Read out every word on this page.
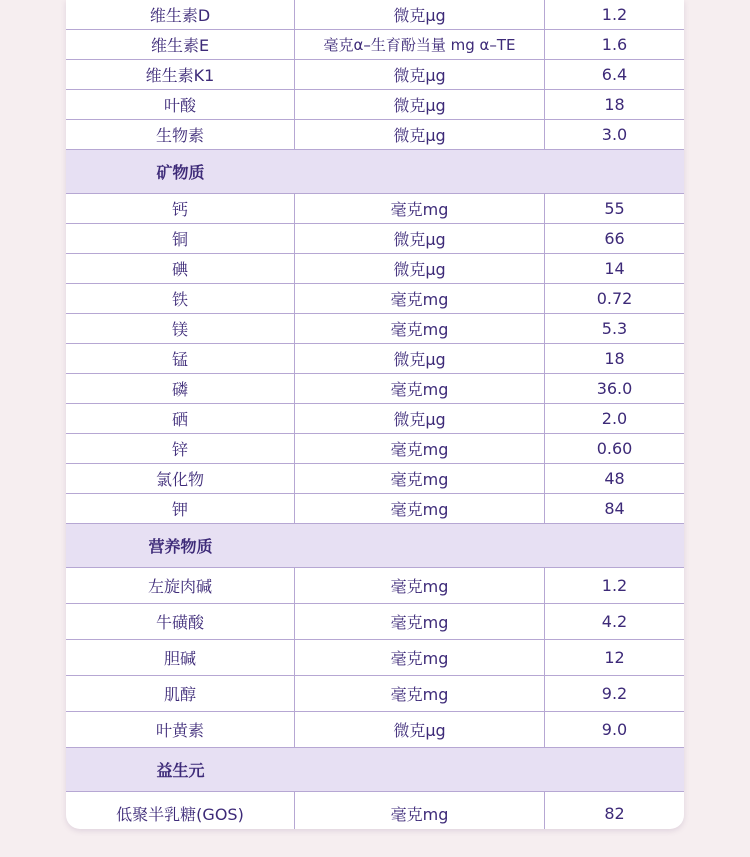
维生素D	微克μg	1.2
维生素E	毫克α–生育酚当量 mg α–TE	1.6
维生素K1	微克μg	6.4
叶酸	微克μg	18
生物素	微克μg	3.0
矿物质
钙	毫克mg	55
铜	微克μg	66
碘	微克μg	14
铁	毫克mg	0.72
镁	毫克mg	5.3
锰	微克μg	18
磷	毫克mg	36.0
硒	微克μg	2.0
锌	毫克mg	0.60
氯化物	毫克mg	48
钾	毫克mg	84
营养物质
左旋肉碱	毫克mg	1.2
牛磺酸	毫克mg	4.2
胆碱	毫克mg	12
肌醇	毫克mg	9.2
叶黄素	微克μg	9.0
益生元
低聚半乳糖(GOS)	毫克mg	82
